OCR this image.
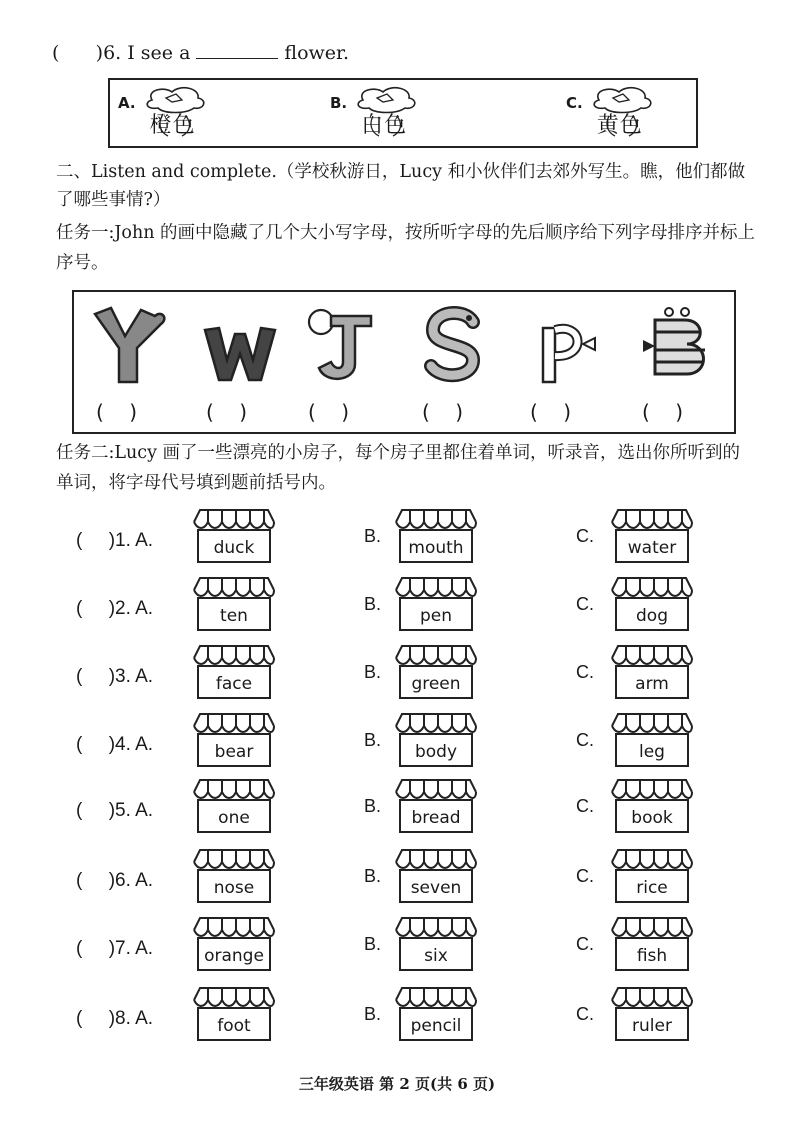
(
)6. I see a	flower.
A.
橙色
B.
白色
C.
黄色
二、Listen and complete.（学校秋游日，Lucy 和小伙伴们去郊外写生。瞧，他们都做了哪些事情?）
任务一:John 的画中隐藏了几个大小写字母，按所听字母的先后顺序给下列字母排序并标上序号。
(    )	(    )	(    )	(    )	(    )	(    )
任务二:Lucy 画了一些漂亮的小房子，每个房子里都住着单词，听录音，选出你所听到的单词，将字母代号填到题前括号内。
(     )1. A.	duck
B.
mouth
C.
water
(     )2. A.	ten
B.
pen
C.
dog
(     )3. A.	face
B.
green
C.
arm
(     )4. A.	bear
B.
body
C.
leg
(     )5. A.	one
B.
bread
C.
book
(     )6. A.	nose
B.
seven
C.
rice
(     )7. A.	orange
B.
six
C.
fish
(     )8. A.	foot
B.
pencil
C.
ruler
三年级英语 第 2 页(共 6 页)
